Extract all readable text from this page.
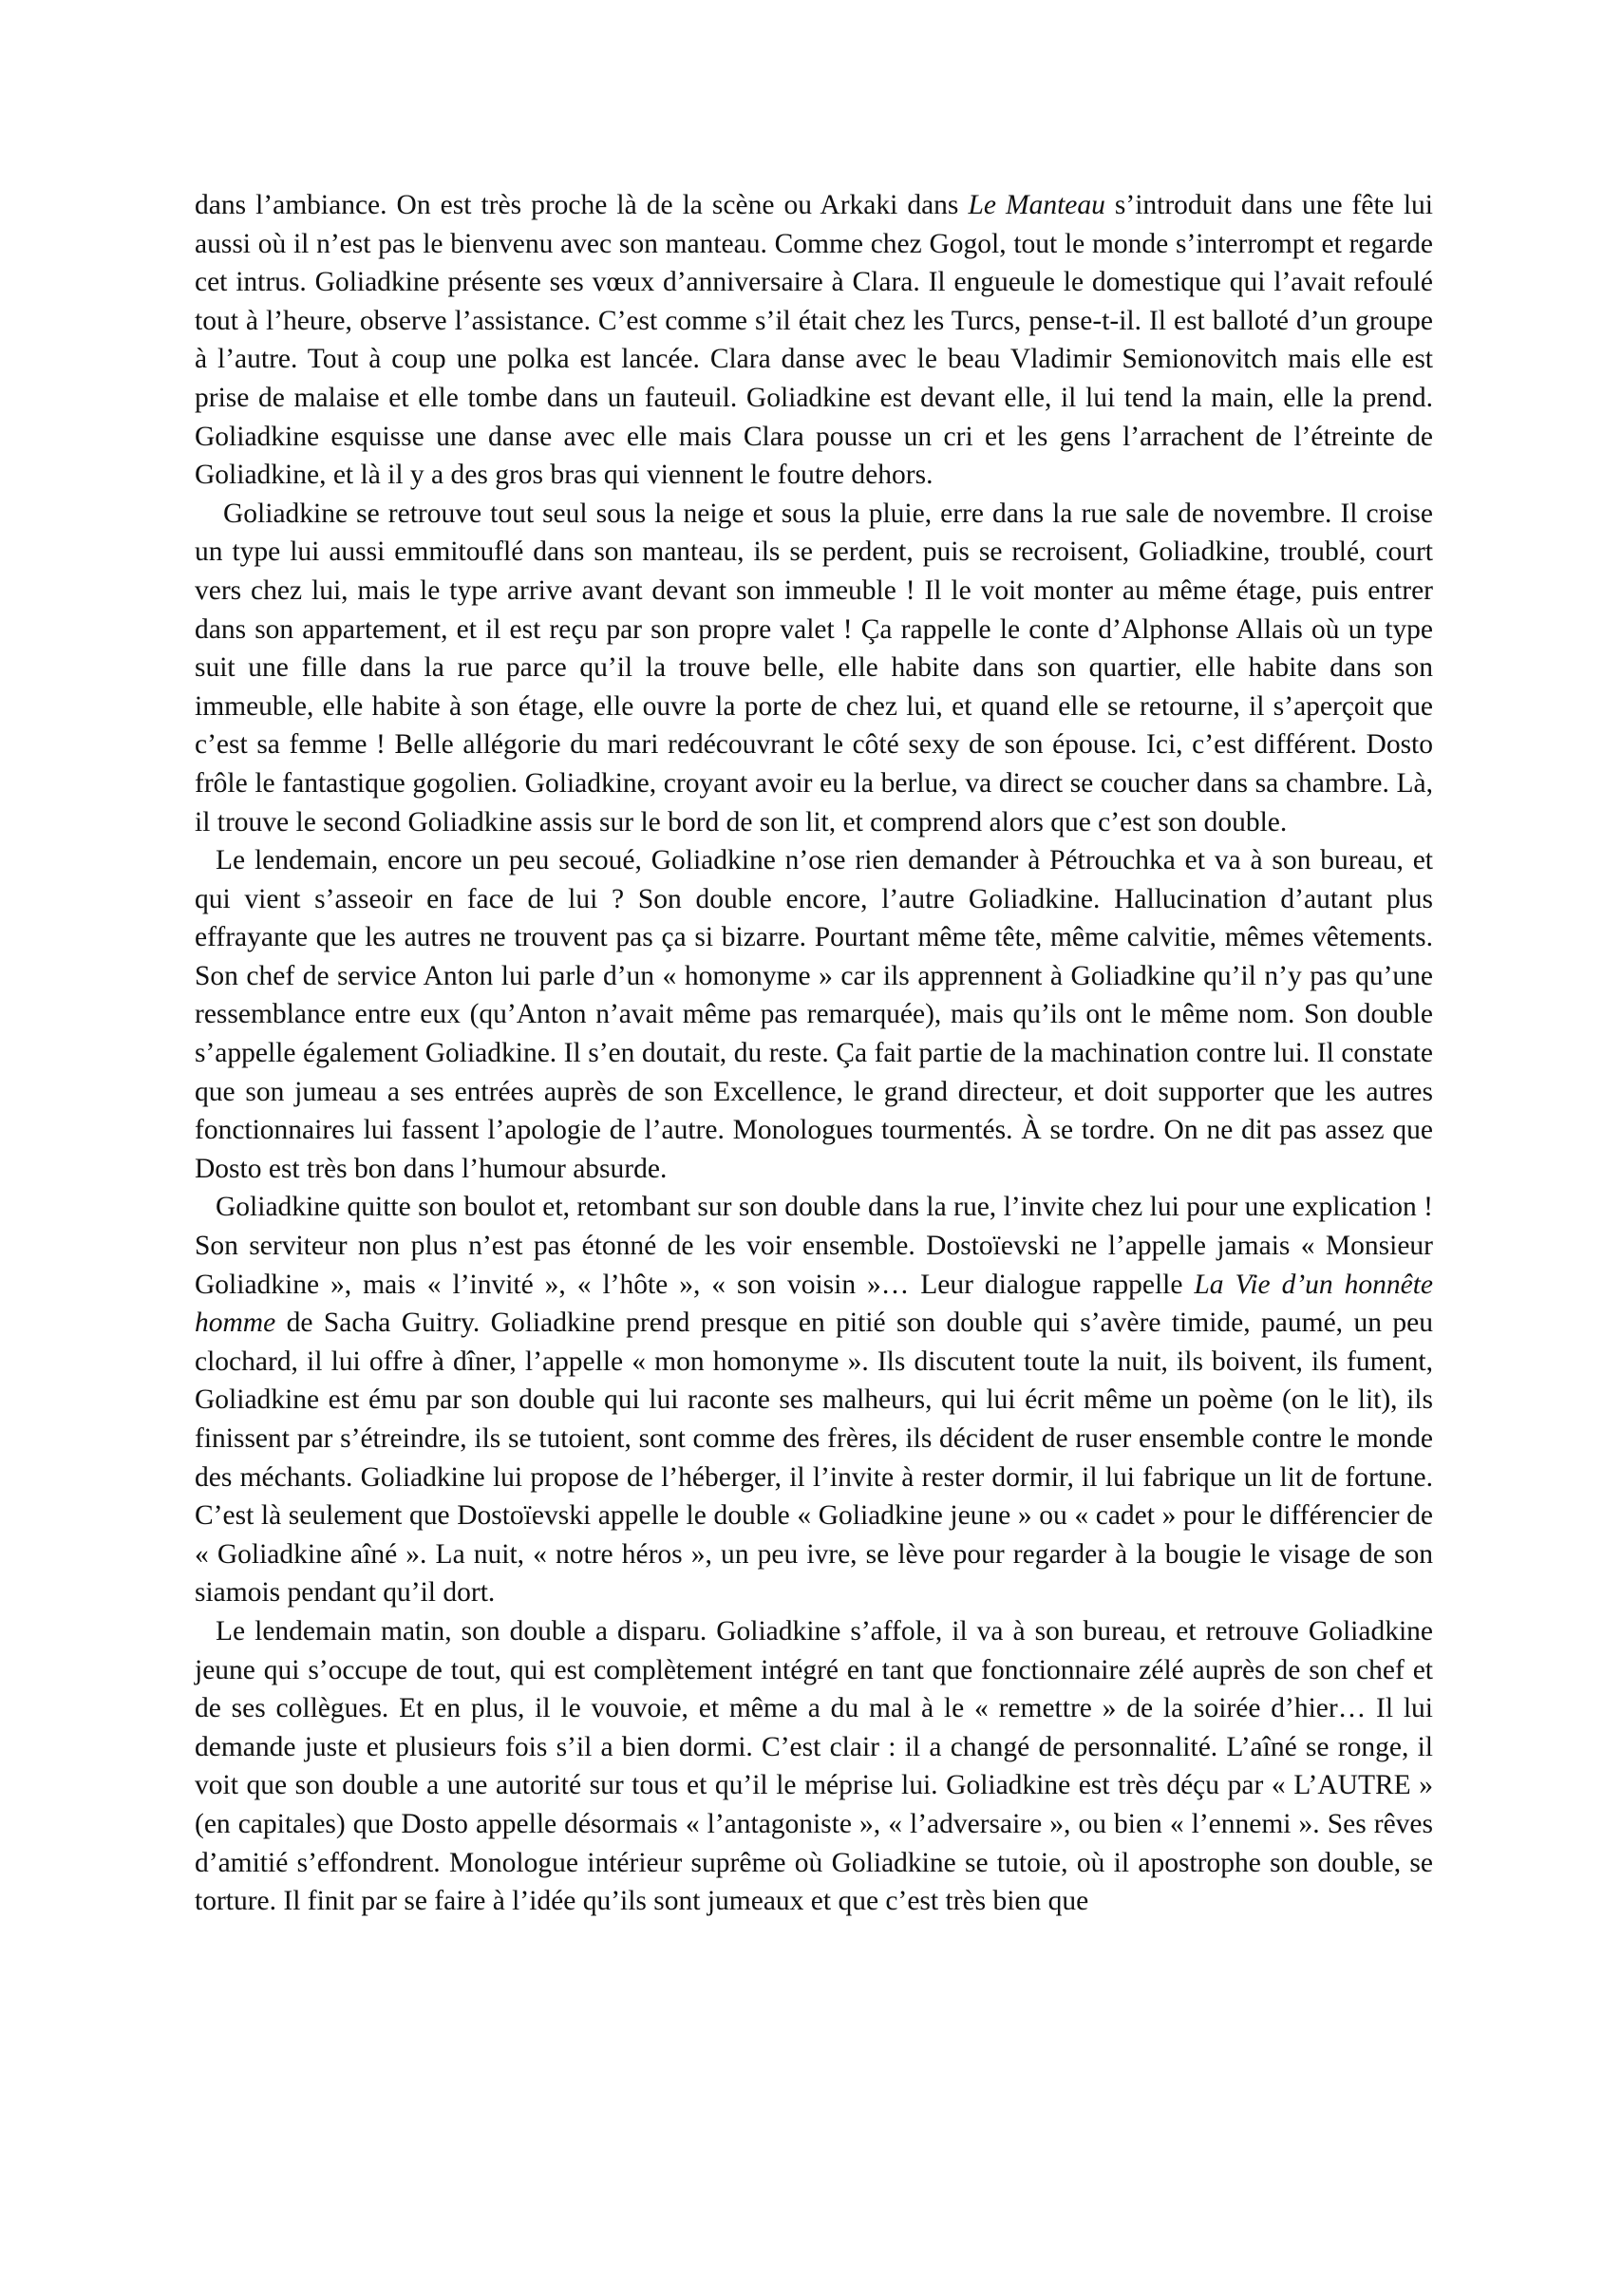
dans l’ambiance. On est très proche là de la scène ou Arkaki dans Le Manteau s’introduit dans une fête lui aussi où il n’est pas le bienvenu avec son manteau. Comme chez Gogol, tout le monde s’interrompt et regarde cet intrus. Goliadkine présente ses vœux d’anniversaire à Clara. Il engueule le domestique qui l’avait refoulé tout à l’heure, observe l’assistance. C’est comme s’il était chez les Turcs, pense-t-il. Il est balloté d’un groupe à l’autre. Tout à coup une polka est lancée. Clara danse avec le beau Vladimir Semionovitch mais elle est prise de malaise et elle tombe dans un fauteuil. Goliadkine est devant elle, il lui tend la main, elle la prend. Goliadkine esquisse une danse avec elle mais Clara pousse un cri et les gens l’arrachent de l’étreinte de Goliadkine, et là il y a des gros bras qui viennent le foutre dehors.

Goliadkine se retrouve tout seul sous la neige et sous la pluie, erre dans la rue sale de novembre. Il croise un type lui aussi emmitouflé dans son manteau, ils se perdent, puis se recroisent, Goliadkine, troublé, court vers chez lui, mais le type arrive avant devant son immeuble ! Il le voit monter au même étage, puis entrer dans son appartement, et il est reçu par son propre valet ! Ça rappelle le conte d’Alphonse Allais où un type suit une fille dans la rue parce qu’il la trouve belle, elle habite dans son quartier, elle habite dans son immeuble, elle habite à son étage, elle ouvre la porte de chez lui, et quand elle se retourne, il s’aperçoit que c’est sa femme ! Belle allégorie du mari redécouvrant le côté sexy de son épouse. Ici, c’est différent. Dosto frôle le fantastique gogolien. Goliadkine, croyant avoir eu la berlue, va direct se coucher dans sa chambre. Là, il trouve le second Goliadkine assis sur le bord de son lit, et comprend alors que c’est son double.

Le lendemain, encore un peu secoué, Goliadkine n’ose rien demander à Pétrouchka et va à son bureau, et qui vient s’asseoir en face de lui ? Son double encore, l’autre Goliadkine. Hallucination d’autant plus effrayante que les autres ne trouvent pas ça si bizarre. Pourtant même tête, même calvitie, mêmes vêtements. Son chef de service Anton lui parle d’un « homonyme » car ils apprennent à Goliadkine qu’il n’y pas qu’une ressemblance entre eux (qu’Anton n’avait même pas remarquée), mais qu’ils ont le même nom. Son double s’appelle également Goliadkine. Il s’en doutait, du reste. Ça fait partie de la machination contre lui. Il constate que son jumeau a ses entrées auprès de son Excellence, le grand directeur, et doit supporter que les autres fonctionnaires lui fassent l’apologie de l’autre. Monologues tourmentés. À se tordre. On ne dit pas assez que Dosto est très bon dans l’humour absurde.

Goliadkine quitte son boulot et, retombant sur son double dans la rue, l’invite chez lui pour une explication ! Son serviteur non plus n’est pas étonné de les voir ensemble. Dostoïevski ne l’appelle jamais « Monsieur Goliadkine », mais « l’invité », « l’hôte », « son voisin »… Leur dialogue rappelle La Vie d’un honnête homme de Sacha Guitry. Goliadkine prend presque en pitié son double qui s’avère timide, paumé, un peu clochard, il lui offre à dîner, l’appelle « mon homonyme ». Ils discutent toute la nuit, ils boivent, ils fument, Goliadkine est ému par son double qui lui raconte ses malheurs, qui lui écrit même un poème (on le lit), ils finissent par s’étreindre, ils se tutoient, sont comme des frères, ils décident de ruser ensemble contre le monde des méchants. Goliadkine lui propose de l’héberger, il l’invite à rester dormir, il lui fabrique un lit de fortune. C’est là seulement que Dostoïevski appelle le double « Goliadkine jeune » ou « cadet » pour le différencier de « Goliadkine aîné ». La nuit, « notre héros », un peu ivre, se lève pour regarder à la bougie le visage de son siamois pendant qu’il dort.

Le lendemain matin, son double a disparu. Goliadkine s’affole, il va à son bureau, et retrouve Goliadkine jeune qui s’occupe de tout, qui est complètement intégré en tant que fonctionnaire zélé auprès de son chef et de ses collègues. Et en plus, il le vouvoie, et même a du mal à le « remettre » de la soirée d’hier… Il lui demande juste et plusieurs fois s’il a bien dormi. C’est clair : il a changé de personnalité. L’aîné se ronge, il voit que son double a une autorité sur tous et qu’il le méprise lui. Goliadkine est très déçu par « L’AUTRE » (en capitales) que Dosto appelle désormais « l’antagoniste », « l’adversaire », ou bien « l’ennemi ». Ses rêves d’amitié s’effondrent. Monologue intérieur suprême où Goliadkine se tutoie, où il apostrophe son double, se torture. Il finit par se faire à l’idée qu’ils sont jumeaux et que c’est très bien que
